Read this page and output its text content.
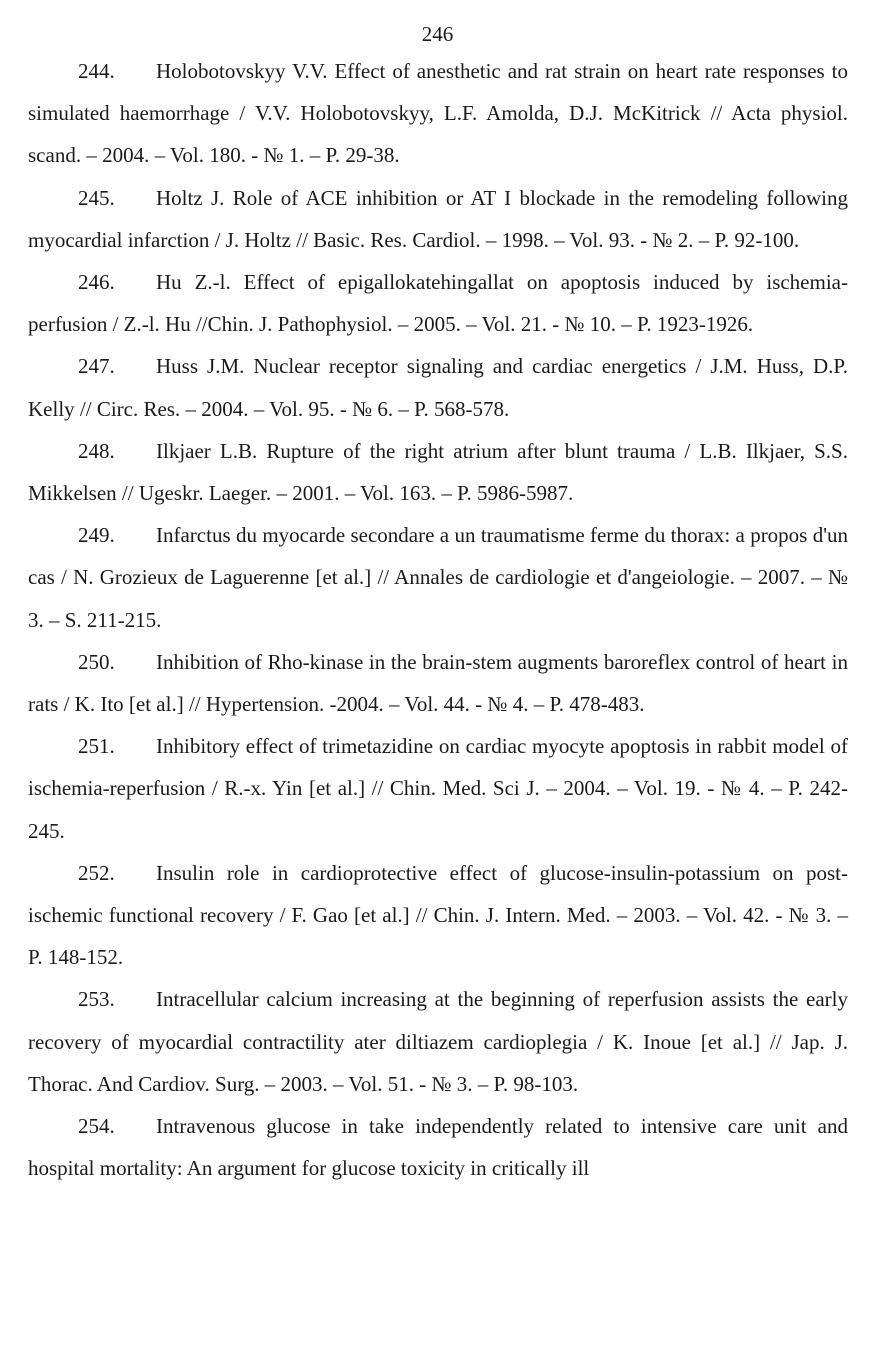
246

244. Holobotovskyy V.V. Effect of anesthetic and rat strain on heart rate responses to simulated haemorrhage / V.V. Holobotovskyy, L.F. Amolda, D.J. McKitrick // Acta physiol. scand. – 2004. – Vol. 180. - № 1. – P. 29-38.

245. Holtz J. Role of ACE inhibition or AT I blockade in the remodeling following myocardial infarction / J. Holtz // Basic. Res. Cardiol. – 1998. – Vol. 93. - № 2. – P. 92-100.

246. Hu Z.-l. Effect of epigallokatehingallat on apoptosis induced by ischemia-perfusion / Z.-l. Hu //Chin. J. Pathophysiol. – 2005. – Vol. 21. - № 10. – P. 1923-1926.

247. Huss J.M. Nuclear receptor signaling and cardiac energetics / J.M. Huss, D.P. Kelly // Circ. Res. – 2004. – Vol. 95. - № 6. – P. 568-578.

248. Ilkjaer L.B. Rupture of the right atrium after blunt trauma / L.B. Ilkjaer, S.S. Mikkelsen // Ugeskr. Laeger. – 2001. – Vol. 163. – P. 5986-5987.

249. Infarctus du myocarde secondare a un traumatisme ferme du thorax: a propos d'un cas / N. Grozieux de Laguerenne [et al.] // Annales de cardiologie et d'angeiologie. – 2007. – № 3. – S. 211-215.

250. Inhibition of Rho-kinase in the brain-stem augments baroreflex control of heart in rats / K. Ito [et al.] // Hypertension. -2004. – Vol. 44. - № 4. – P. 478-483.

251. Inhibitory effect of trimetazidine on cardiac myocyte apoptosis in rabbit model of ischemia-reperfusion / R.-x. Yin [et al.] // Chin. Med. Sci J. – 2004. – Vol. 19. - № 4. – P. 242-245.

252. Insulin role in cardioprotective effect of glucose-insulin-potassium on post-ischemic functional recovery / F. Gao [et al.] // Chin. J. Intern. Med. – 2003. – Vol. 42. - № 3. – P. 148-152.

253. Intracellular calcium increasing at the beginning of reperfusion assists the early recovery of myocardial contractility ater diltiazem cardioplegia / K. Inoue [et al.] // Jap. J. Thorac. And Cardiov. Surg. – 2003. – Vol. 51. - № 3. – P. 98-103.

254. Intravenous glucose in take independently related to intensive care unit and hospital mortality: An argument for glucose toxicity in critically ill
